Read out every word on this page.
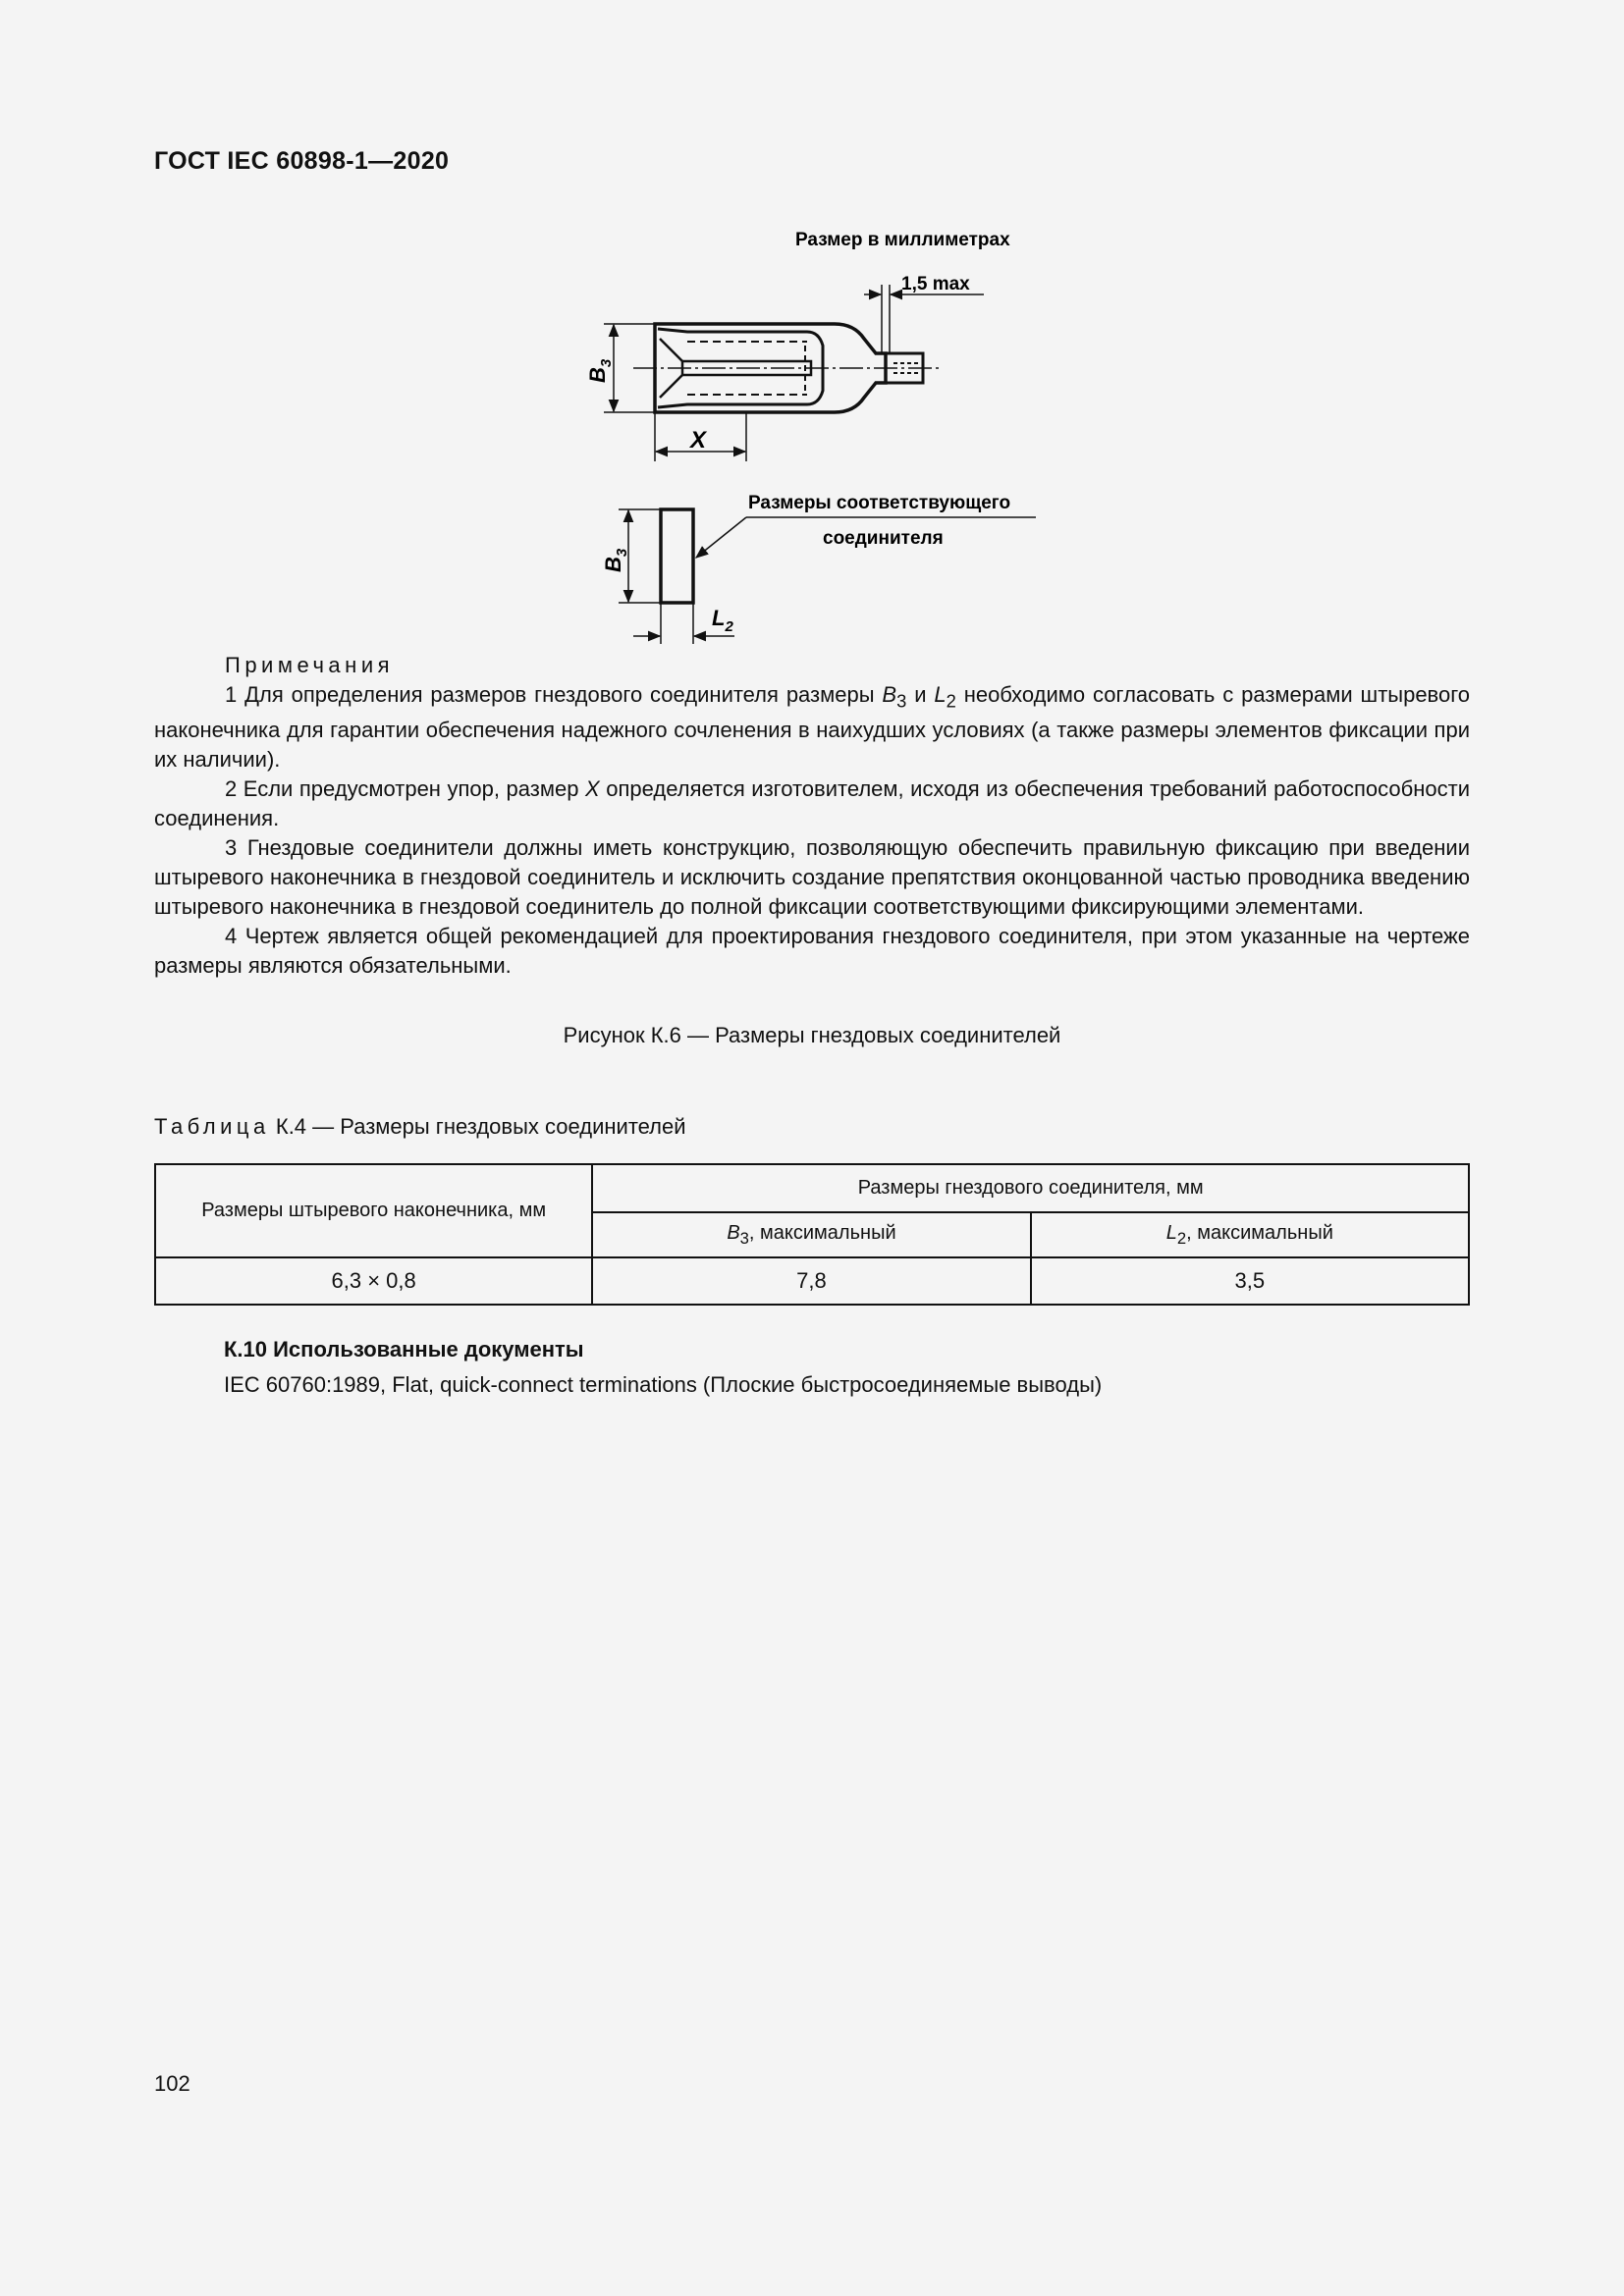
ГОСТ IEC 60898-1—2020
Размер в миллиметрах
$B_3$
X
1,5 max
$B_3$
$L_2$
Размеры соответствующего
соединителя
Примечания

1 Для определения размеров гнездового соединителя размеры $B_3$ и $L_2$ необходимо согласовать с размерами штыревого наконечника для гарантии обеспечения надежного сочленения в наихудших условиях (а также размеры элементов фиксации при их наличии).

2 Если предусмотрен упор, размер X определяется изготовителем, исходя из обеспечения требований работоспособности соединения.

3 Гнездовые соединители должны иметь конструкцию, позволяющую обеспечить правильную фиксацию при введении штыревого наконечника в гнездовой соединитель и исключить создание препятствия оконцованной частью проводника введению штыревого наконечника в гнездовой соединитель до полной фиксации соответствующими фиксирующими элементами.

4 Чертеж является общей рекомендацией для проектирования гнездового соединителя, при этом указанные на чертеже размеры являются обязательными.

Рисунок К.6 — Размеры гнездовых соединителей
Таблица К.4 — Размеры гнездовых соединителей
Размеры штыревого наконечника, мм	Размеры гнездового соединителя, мм	
	$B_3$, максимальный	$L_2$, максимальный
6,3 × 0,8	7,8	3,5
К.10 Использованные документы
IEC 60760:1989, Flat, quick-connect terminations (Плоские быстросоединяемые выводы)
102
